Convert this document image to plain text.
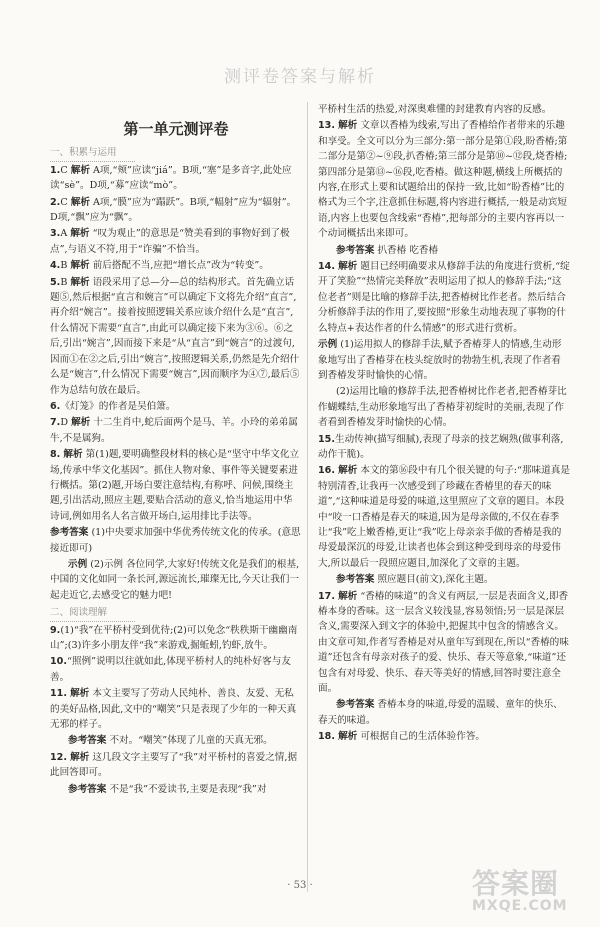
测评卷答案与解析
第一单元测评卷
一、积累与运用
1.C 解析 A项,“颊”应读“jiá”。B项,“塞”是多音字,此处应读“sè”。D项,“募”应读“mò”。
2.C 解析 A项,“膜”应为“蹋跃”。B项,“幅射”应为“辐射”。D项,“飘”应为“飘”。
3.A 解析 “叹为观止”的意思是“赞美看到的事物好到了极点”,与语义不符,用于“诈骗”不恰当。
4.B 解析 前后搭配不当,应把“增长点”改为“转变”。
5.B 解析 语段采用了总—分—总的结构形式。首先确立话题⑤,然后根据“直言和婉言”可以确定下文将先介绍“直言”,再介绍“婉言”。接着按照逻辑关系应该介绍什么是“直言”,什么情况下需要“直言”,由此可以确定接下来为③⑥。⑥之后,引出“婉言”,因而接下来是“从“直言”到“婉言”的过渡句,因而①在②之后,引出“婉言”,按照逻辑关系,仍然是先介绍什么是“婉言”,什么情况下需要“婉言”,因而顺序为④⑦,最后⑤作为总结句放在最后。
6.《灯笼》的作者是吴伯箫。
7.D 解析 十二生肖中,蛇后面两个是马、羊。小玲的弟弟属牛,不是属狗。
8. 解析 第(1)题,要明确整段材料的核心是“坚守中华文化立场,传承中华文化基因”。抓住人物对象、事件等关键要素进行概括。第(2)题,开场白要注意结构,有称呼、问候,围绕主题,引出活动,照应主题,要贴合活动的意义,恰当地运用中华诗词,例如用名人名言做开场白,运用排比手法等。
参考答案 (1)中央要求加强中华优秀传统文化的传承。(意思接近即可)
示例 (2)示例 各位同学,大家好!传统文化是我们的根基,中国的文化如同一条长河,源远流长,璀璨无比,今天让我们一起走近它,去感受它的魅力吧!
二、阅读理解
9.(1)“我”在平桥村受到优待;(2)可以免念“秩秩斯干幽幽南山”;(3)许多小朋友伴“我”来游戏,掘蚯蚓,钓虾,放牛。
10.“照例”说明以往就如此,体现平桥村人的纯朴好客与友善。
11. 解析 本文主要写了劳动人民纯朴、善良、友爱、无私的美好品格,因此,文中的“嘲笑”只是表现了少年的一种天真无邪的样子。
参考答案 不对。“嘲笑”体现了儿童的天真无邪。
12. 解析 这几段文字主要写了“我”对平桥村的喜爱之情,据此回答即可。
参考答案 不是“我”不爱读书,主要是表现“我”对
平桥村生活的热爱,对深奥难懂的封建教育内容的反感。
13. 解析 文章以香椿为线索,写出了香椿给作者带来的乐趣和享受。全文可以分为三部分:第一部分是第①段,盼香椿;第二部分是第②~⑨段,扒香椿;第三部分是第⑩~⑫段,烧香椿;第四部分是第⑬~⑯段,吃香椿。做这种题,横线上所概括的内容,在形式上要和试题给出的保持一致,比如“盼香椿”比的格式为三个字,注意抓住标题,将内容进行概括,一般是动宾短语,内容上也要包含线索“香椿”,把每部分的主要内容再以一个动词概括出来即可。
参考答案 扒香椿 吃香椿
14. 解析 题目已经明确要求从修辞手法的角度进行赏析,“绽开了笑脸”“热情完美释放”表明运用了拟人的修辞手法;“这位老者”则是比喻的修辞手法,把香椿树比作老者。然后结合分析修辞手法的作用了,要按照“形象生动地表现了事物的什么特点+表达作者的什么情感”的形式进行赏析。
示例 (1)运用拟人的修辞手法,赋予香椿芽人的情感,生动形象地写出了香椿芽在枝头绽放时的勃勃生机,表现了作者看到香椿发芽时愉快的心情。
(2)运用比喻的修辞手法,把香椿树比作老者,把香椿芽比作蝴蝶结,生动形象地写出了香椿芽初绽时的美丽,表现了作者看到香椿发芽时愉快的心情。
15.生动传神(描写细腻),表现了母亲的技艺娴熟(做事利落,动作干脆)。
16. 解析 本文的第⑯段中有几个很关键的句子:“那味道真是特别清香,让我再一次感受到了珍藏在香椿里的春天的味道”,“这种味道是母爱的味道,这里照应了文章的题目。本段中“咬一口香椿是春天的味道,因为是母亲做的,不仅在春季让“我”吃上嫩香椿,更让“我”吃上母亲亲手做的香椿是我的母爱最深沉的母爱,让读者也体会到这种受到母亲的母爱伟大,所以最后一段照应题目,加深化了文章的主题。
参考答案 照应题目(前文),深化主题。
17. 解析 “香椿的味道”的含义有两层,一层是表面含义,即香椿本身的香味。这一层含义较浅显,容易领悟;另一层是深层含义,需要深入到文字的体验中,把握其中包含的情感含义。由文章可知,作者写香椿是对从童年写到现在,所以“香椿的味道”还包含有母亲对孩子的爱、快乐、春天等意象,“味道”还包含有对母爱、快乐、春天等美好的情感,回答时要注意全面。
参考答案 香椿本身的味道,母爱的温暖、童年的快乐、春天的味道。
18. 解析 可根据自己的生活体验作答。
· 53 ·	答案圈
MXQE.COM
